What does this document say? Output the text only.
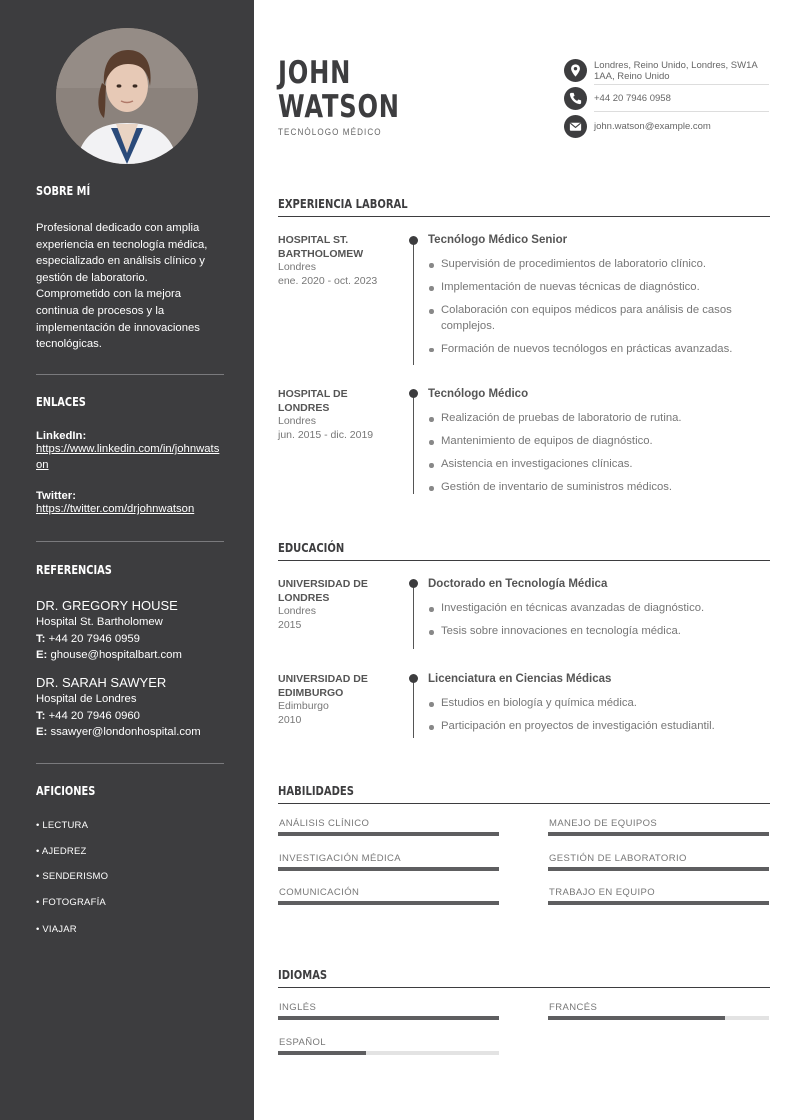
SOBRE MÍ
Profesional dedicado con amplia experiencia en tecnología médica, especializado en análisis clínico y gestión de laboratorio. Comprometido con la mejora continua de procesos y la implementación de innovaciones tecnológicas.
ENLACES
LinkedIn:
https://www.linkedin.com/in/johnwatson
Twitter:
https://twitter.com/drjohnwatson
REFERENCIAS
DR. GREGORY HOUSE
Hospital St. Bartholomew
T: +44 20 7946 0959
E: ghouse@hospitalbart.com
DR. SARAH SAWYER
Hospital de Londres
T: +44 20 7946 0960
E: ssawyer@londonhospital.com
AFICIONES
• LECTURA
• AJEDREZ
• SENDERISMO
• FOTOGRAFÍA
• VIAJAR
JOHN
WATSON
TECNÓLOGO MÉDICO
Londres, Reino Unido, Londres, SW1A 1AA, Reino Unido
+44 20 7946 0958
john.watson@example.com
EXPERIENCIA LABORAL
HOSPITAL ST. BARTHOLOMEW
Londres
ene. 2020 - oct. 2023
Tecnólogo Médico Senior
Supervisión de procedimientos de laboratorio clínico.
Implementación de nuevas técnicas de diagnóstico.
Colaboración con equipos médicos para análisis de casos complejos.
Formación de nuevos tecnólogos en prácticas avanzadas.
HOSPITAL DE LONDRES
Londres
jun. 2015 - dic. 2019
Tecnólogo Médico
Realización de pruebas de laboratorio de rutina.
Mantenimiento de equipos de diagnóstico.
Asistencia en investigaciones clínicas.
Gestión de inventario de suministros médicos.
EDUCACIÓN
UNIVERSIDAD DE LONDRES
Londres
2015
Doctorado en Tecnología Médica
Investigación en técnicas avanzadas de diagnóstico.
Tesis sobre innovaciones en tecnología médica.
UNIVERSIDAD DE EDIMBURGO
Edimburgo
2010
Licenciatura en Ciencias Médicas
Estudios en biología y química médica.
Participación en proyectos de investigación estudiantil.
HABILIDADES
ANÁLISIS CLÍNICO	MANEJO DE EQUIPOS
INVESTIGACIÓN MÉDICA	GESTIÓN DE LABORATORIO
COMUNICACIÓN	TRABAJO EN EQUIPO
IDIOMAS
INGLÉS	FRANCÉS
ESPAÑOL
